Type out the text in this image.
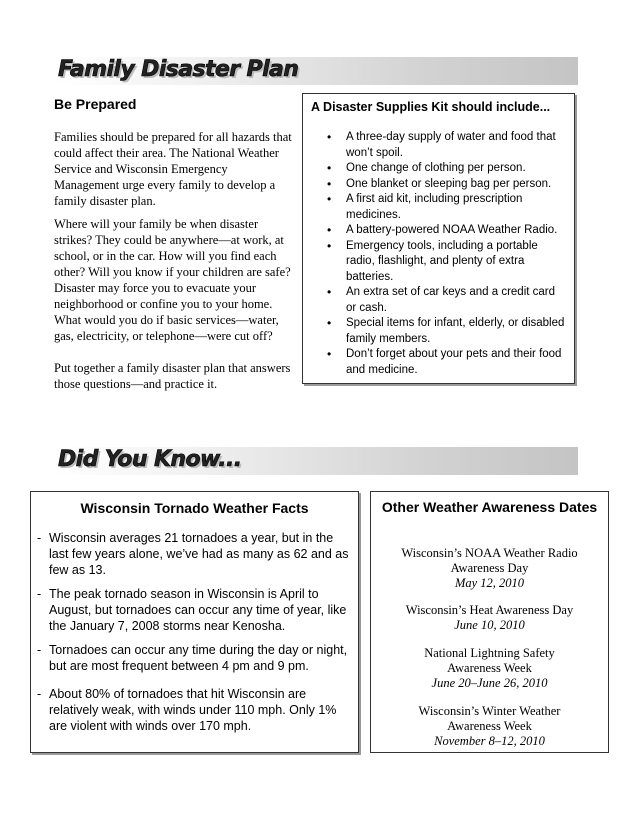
Family Disaster Plan
Be Prepared

Families should be prepared for all hazards that could affect their area. The National Weather Service and Wisconsin Emergency Management urge every family to develop a family disaster plan.

Where will your family be when disaster strikes? They could be anywhere—at work, at school, or in the car. How will you find each other? Will you know if your children are safe? Disaster may force you to evacuate your neighborhood or confine you to your home. What would you do if basic services—water, gas, electricity, or telephone—were cut off?

Put together a family disaster plan that answers those questions—and practice it.

A Disaster Supplies Kit should include...
• A three-day supply of water and food that won’t spoil.
• One change of clothing per person.
• One blanket or sleeping bag per person.
• A first aid kit, including prescription medicines.
• A battery-powered NOAA Weather Radio.
• Emergency tools, including a portable radio, flashlight, and plenty of extra batteries.
• An extra set of car keys and a credit card or cash.
• Special items for infant, elderly, or disabled family members.
• Don’t forget about your pets and their food and medicine.
Did You Know...
Wisconsin Tornado Weather Facts

- Wisconsin averages 21 tornadoes a year, but in the last few years alone, we’ve had as many as 62 and as few as 13.

- The peak tornado season in Wisconsin is April to August, but tornadoes can occur any time of year, like the January 7, 2008 storms near Kenosha.

- Tornadoes can occur any time during the day or night, but are most frequent between 4 pm and 9 pm.

- About 80% of tornadoes that hit Wisconsin are relatively weak, with winds under 110 mph. Only 1% are violent with winds over 170 mph.

Other Weather Awareness Dates
Wisconsin’s NOAA Weather Radio Awareness Day
May 12, 2010
Wisconsin’s Heat Awareness Day
June 10, 2010
National Lightning Safety Awareness Week
June 20–June 26, 2010
Wisconsin’s Winter Weather Awareness Week
November 8–12, 2010
